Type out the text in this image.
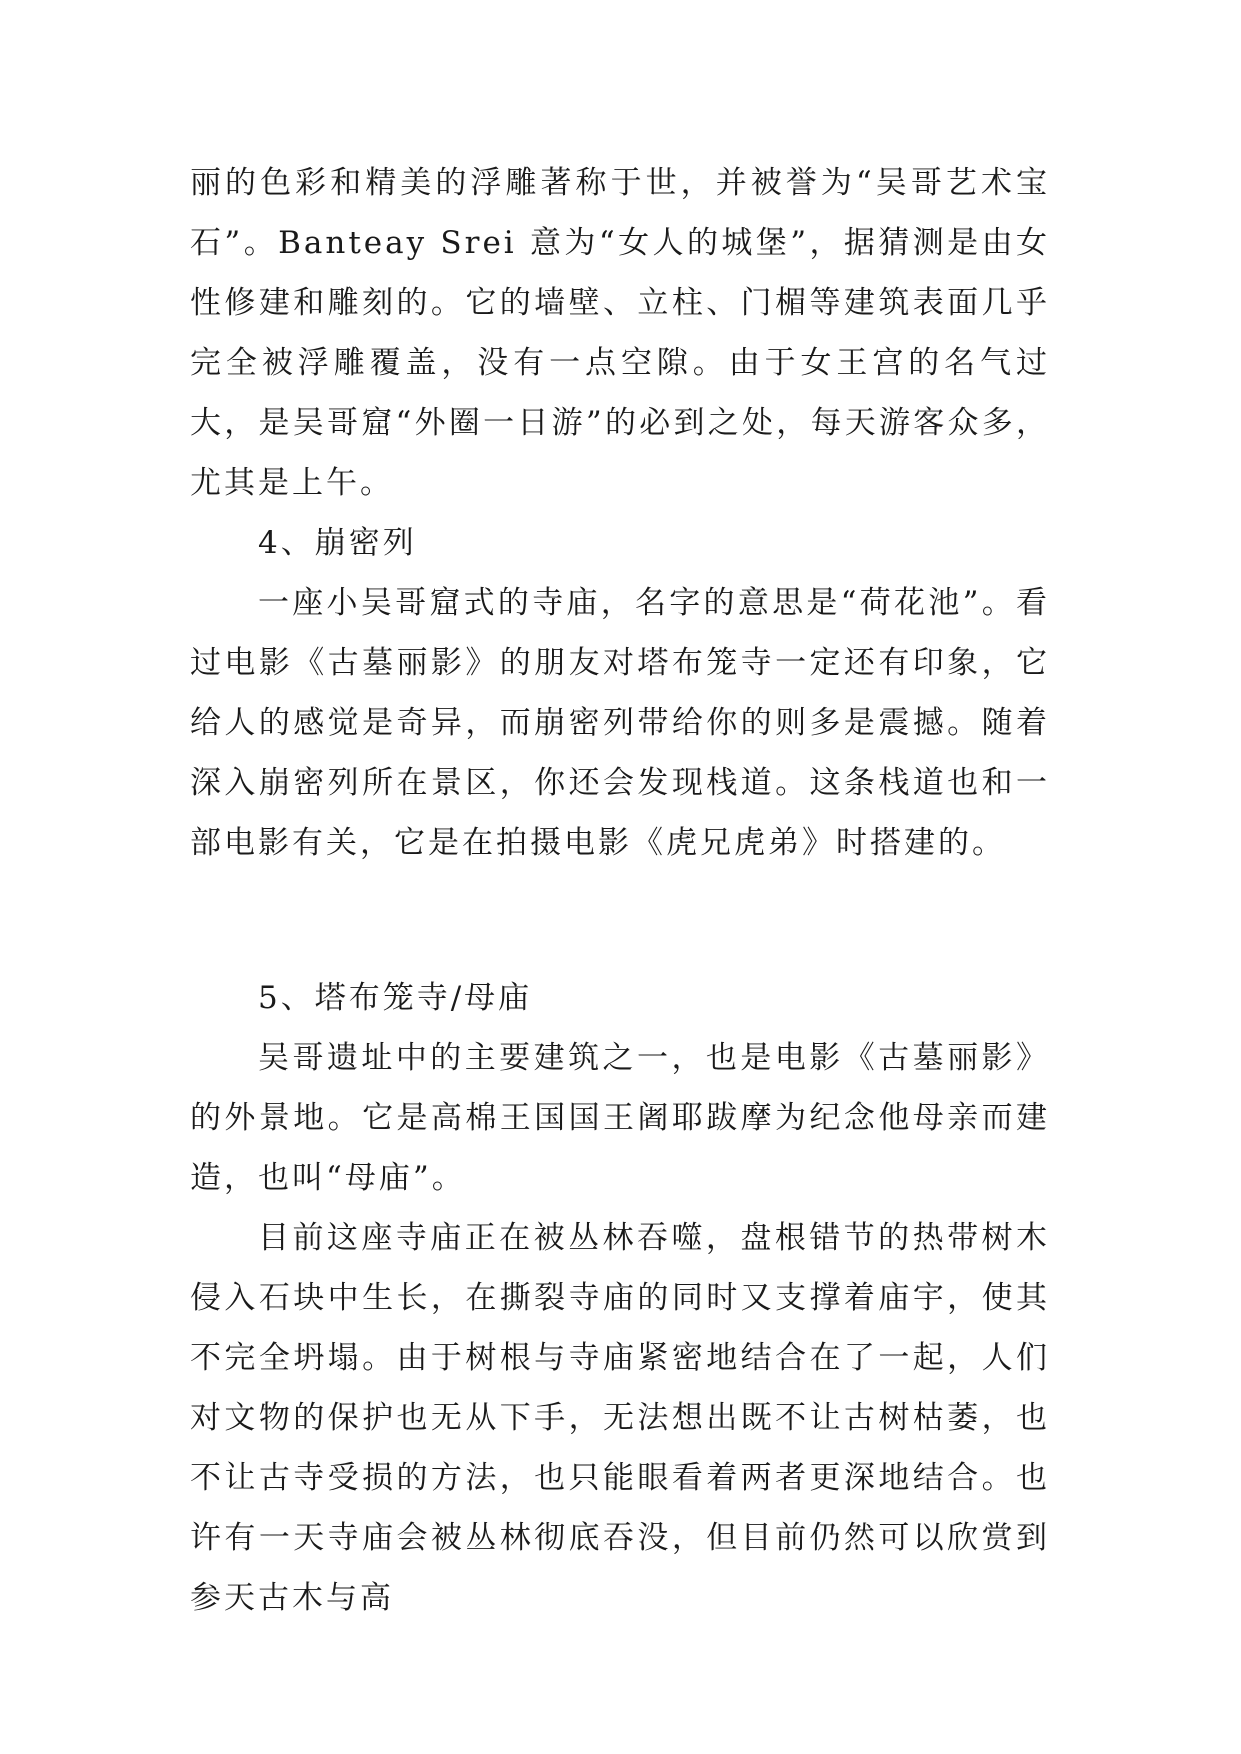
丽的色彩和精美的浮雕著称于世，并被誉为“吴哥艺术宝石”。Banteay Srei 意为“女人的城堡”，据猜测是由女性修建和雕刻的。它的墙壁、立柱、门楣等建筑表面几乎完全被浮雕覆盖，没有一点空隙。由于女王宫的名气过大，是吴哥窟“外圈一日游”的必到之处，每天游客众多，尤其是上午。

4、崩密列

一座小吴哥窟式的寺庙，名字的意思是“荷花池”。看过电影《古墓丽影》的朋友对塔布笼寺一定还有印象，它给人的感觉是奇异，而崩密列带给你的则多是震撼。随着深入崩密列所在景区，你还会发现栈道。这条栈道也和一部电影有关，它是在拍摄电影《虎兄虎弟》时搭建的。

5、塔布笼寺/母庙

吴哥遗址中的主要建筑之一，也是电影《古墓丽影》的外景地。它是高棉王国国王阇耶跋摩为纪念他母亲而建造，也叫“母庙”。

目前这座寺庙正在被丛林吞噬，盘根错节的热带树木侵入石块中生长，在撕裂寺庙的同时又支撑着庙宇，使其不完全坍塌。由于树根与寺庙紧密地结合在了一起，人们对文物的保护也无从下手，无法想出既不让古树枯萎，也不让古寺受损的方法，也只能眼看着两者更深地结合。也许有一天寺庙会被丛林彻底吞没，但目前仍然可以欣赏到参天古木与高
